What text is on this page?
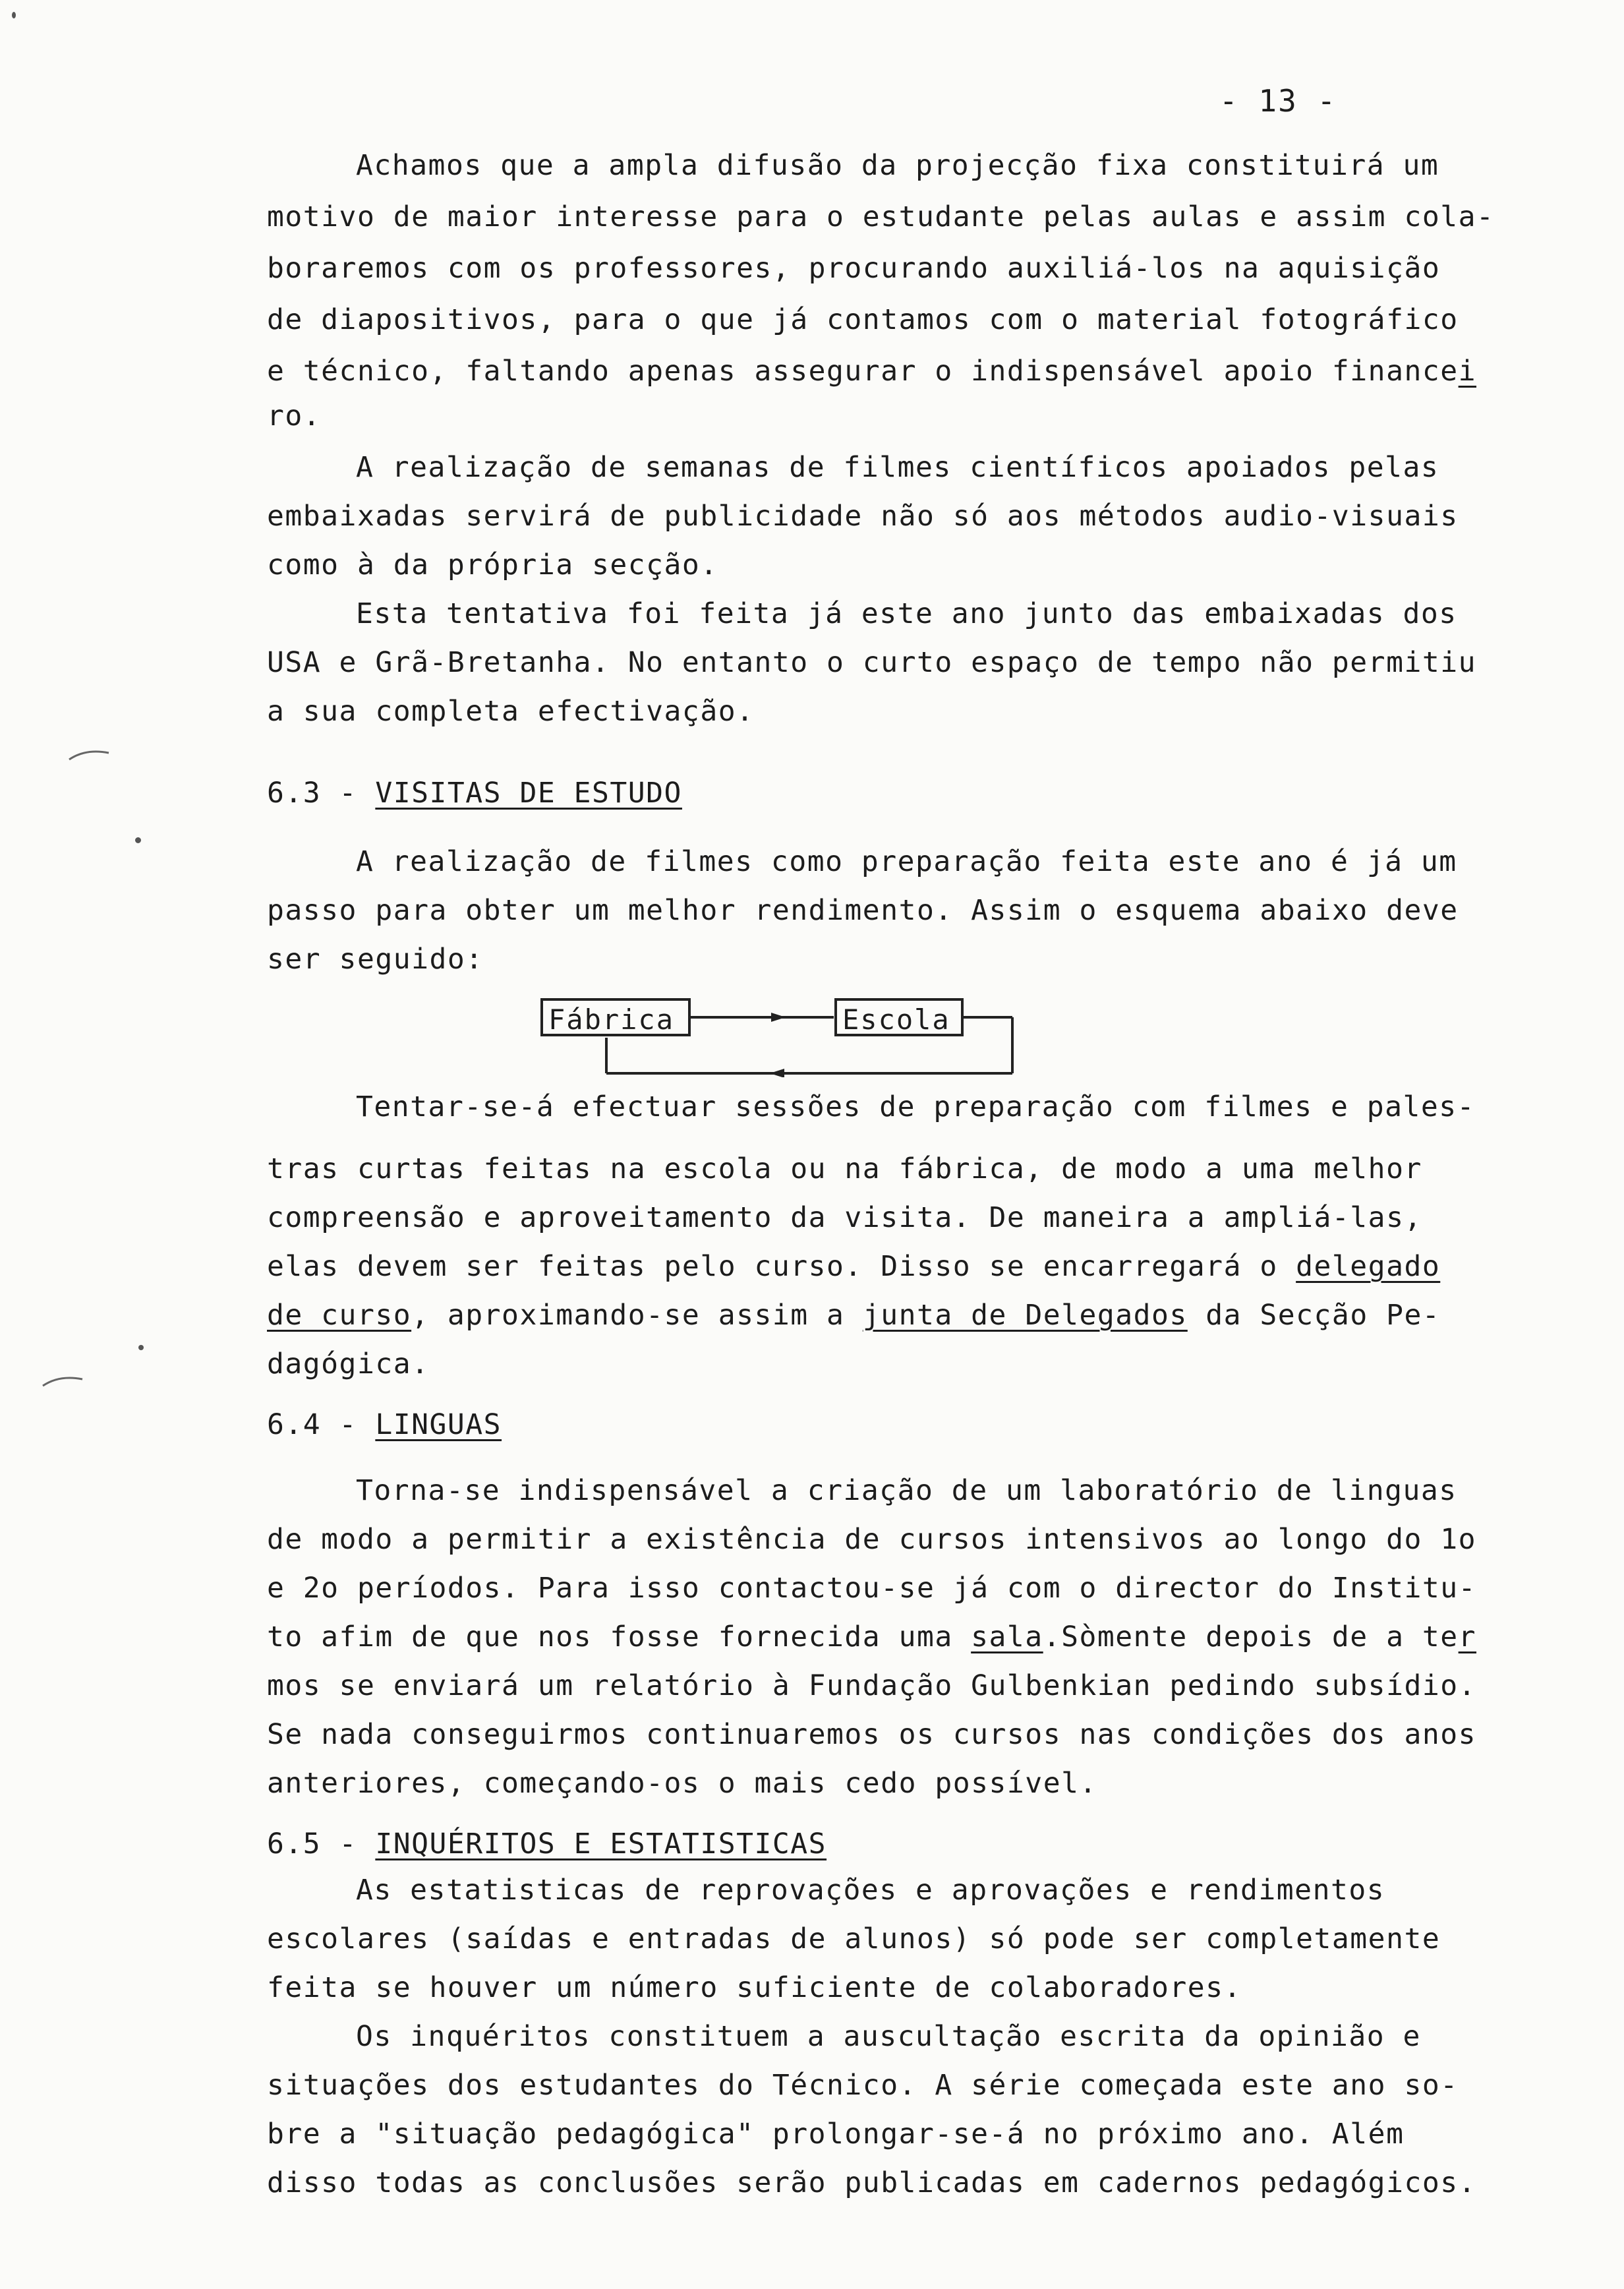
- 13 -
Achamos que a ampla difusão da projecção fixa constituirá um
motivo de maior interesse para o estudante pelas aulas e assim cola-
boraremos com os professores, procurando auxiliá-los na aquisição
de diapositivos, para o que já contamos com o material fotográfico
e técnico, faltando apenas assegurar o indispensável apoio financei
ro.
A realização de semanas de filmes científicos apoiados pelas
embaixadas servirá de publicidade não só aos métodos audio-visuais
como à da própria secção.
Esta tentativa foi feita já este ano junto das embaixadas dos
USA e Grã-Bretanha. No entanto o curto espaço de tempo não permitiu
a sua completa efectivação.
6.3 - VISITAS DE ESTUDO
A realização de filmes como preparação feita este ano é já um
passo para obter um melhor rendimento. Assim o esquema abaixo deve
ser seguido:
Fábrica	Escola
Tentar-se-á efectuar sessões de preparação com filmes e pales-
tras curtas feitas na escola ou na fábrica, de modo a uma melhor
compreensão e aproveitamento da visita. De maneira a ampliá-las,
elas devem ser feitas pelo curso. Disso se encarregará o delegado
de curso, aproximando-se assim a junta de Delegados da Secção Pe-
dagógica.
6.4 - LINGUAS
Torna-se indispensável a criação de um laboratório de linguas
de modo a permitir a existência de cursos intensivos ao longo do 1o
e 2o períodos. Para isso contactou-se já com o director do Institu-
to afim de que nos fosse fornecida uma sala.Sòmente depois de a ter
mos se enviará um relatório à Fundação Gulbenkian pedindo subsídio.
Se nada conseguirmos continuaremos os cursos nas condições dos anos
anteriores, começando-os o mais cedo possível.
6.5 - INQUÉRITOS E ESTATISTICAS
As estatisticas de reprovações e aprovações e rendimentos
escolares (saídas e entradas de alunos) só pode ser completamente
feita se houver um número suficiente de colaboradores.
Os inquéritos constituem a auscultação escrita da opinião e
situações dos estudantes do Técnico. A série começada este ano so-
bre a "situação pedagógica" prolongar-se-á no próximo ano. Além
disso todas as conclusões serão publicadas em cadernos pedagógicos.
